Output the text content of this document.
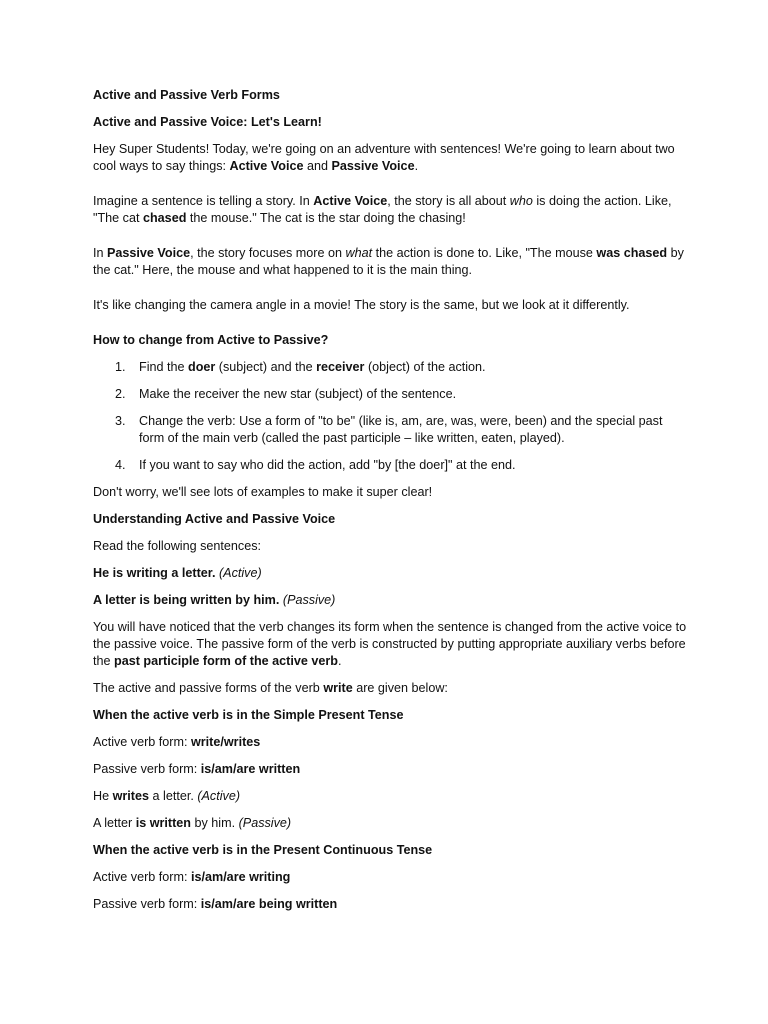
Active and Passive Verb Forms

Active and Passive Voice: Let's Learn!

Hey Super Students! Today, we're going on an adventure with sentences! We're going to learn about two cool ways to say things: Active Voice and Passive Voice.

Imagine a sentence is telling a story. In Active Voice, the story is all about who is doing the action. Like, "The cat chased the mouse." The cat is the star doing the chasing!

In Passive Voice, the story focuses more on what the action is done to. Like, "The mouse was chased by the cat." Here, the mouse and what happened to it is the main thing.

It's like changing the camera angle in a movie! The story is the same, but we look at it differently.

How to change from Active to Passive?

1. Find the doer (subject) and the receiver (object) of the action.
2. Make the receiver the new star (subject) of the sentence.
3. Change the verb: Use a form of "to be" (like is, am, are, was, were, been) and the special past form of the main verb (called the past participle – like written, eaten, played).
4. If you want to say who did the action, add "by [the doer]" at the end.

Don't worry, we'll see lots of examples to make it super clear!

Understanding Active and Passive Voice

Read the following sentences:

He is writing a letter. (Active)

A letter is being written by him. (Passive)

You will have noticed that the verb changes its form when the sentence is changed from the active voice to the passive voice. The passive form of the verb is constructed by putting appropriate auxiliary verbs before the past participle form of the active verb.

The active and passive forms of the verb write are given below:

When the active verb is in the Simple Present Tense

Active verb form: write/writes

Passive verb form: is/am/are written

He writes a letter. (Active)

A letter is written by him. (Passive)

When the active verb is in the Present Continuous Tense

Active verb form: is/am/are writing

Passive verb form: is/am/are being written
